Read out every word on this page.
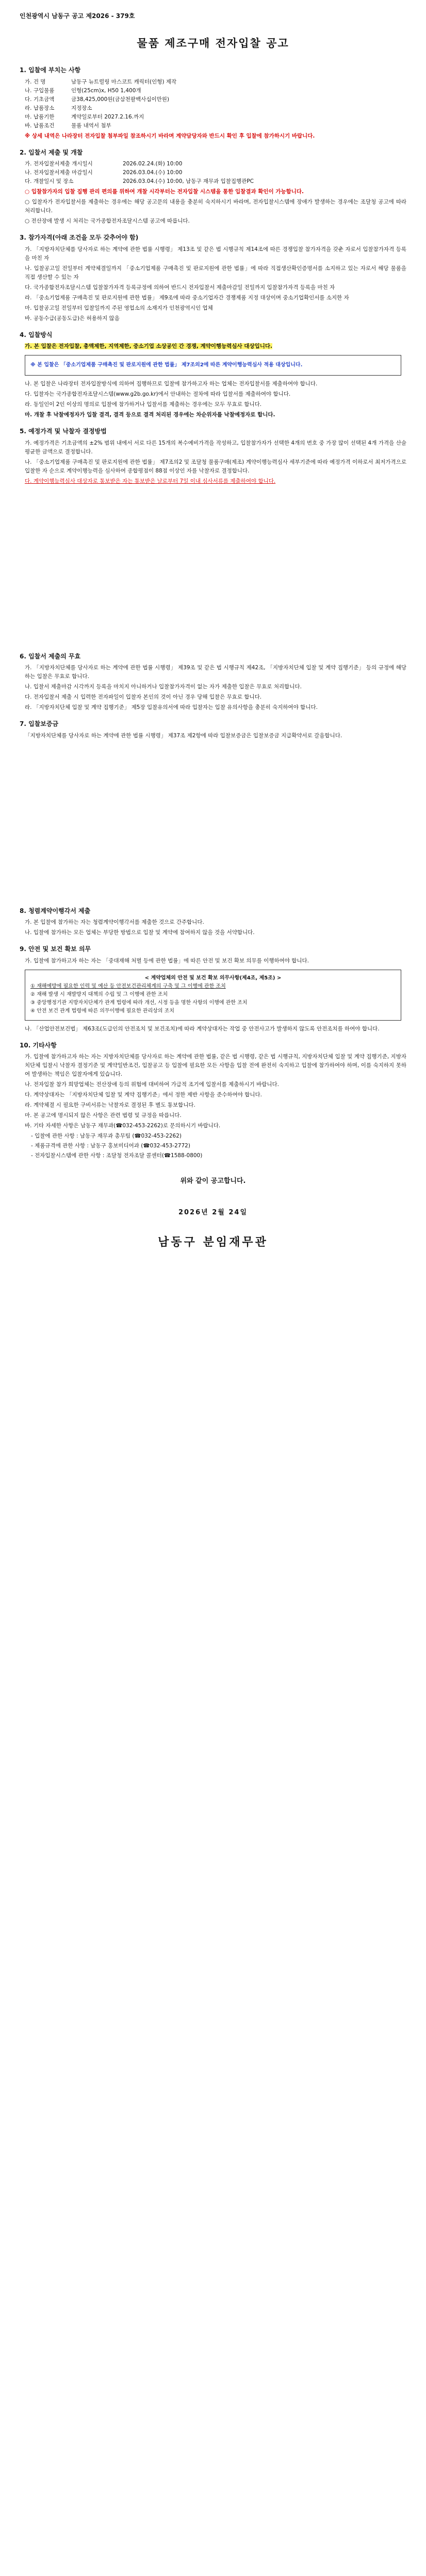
인천광역시 남동구 공고 제2026 - 379호
물품 제조구매 전자입찰 공고
1. 입찰에 부치는 사항
가. 건 명	남동구 뉴트럴링 마스코트 캐릭터(인형) 제작
나. 구입물품	인형(25cm)x, H50 1,400개
다. 기초금액	금38,425,000원(금삼천팔백사십이만원)
라. 납품장소	지정장소
마. 납품기한	계약일로부터 2027.2.16.까지
바. 납품조건	물품 내역서 첨부
※ 상세 내역은 나라장터 전자입찰 첨부파일 참조하시기 바라며 계약담당자와 반드시 확인 후 입찰에 참가하시기 바랍니다.
2. 입찰서 제출 및 개찰
가. 전자입찰서제출 개시일시	2026.02.24.(화) 10:00
나. 전자입찰서제출 마감일시	2026.03.04.(수) 10:00
다. 개찰일시 및 장소	2026.03.04.(수) 10:00, 남동구 재무과 입찰집행관PC
○ 입찰참가자의 입찰 집행 관리 편의를 위하여 개찰 시각부터는 전자입찰 시스템을 통한 입찰결과 확인이 가능합니다.
○ 입찰자가 전자입찰서를 제출하는 경우에는 해당 공고문의 내용을 충분히 숙지하시기 바라며, 전자입찰시스템에 장애가 발생하는 경우에는 조달청 공고에 따라 처리합니다.
○ 전산장애 발생 시 처리는 국가종합전자조달시스템 공고에 따릅니다.
3. 참가자격(아래 조건을 모두 갖추어야 함)
가. 「지방자치단체를 당사자로 하는 계약에 관한 법률 시행령」 제13조 및 같은 법 시행규칙 제14조에 따른 경쟁입찰 참가자격을 갖춘 자로서 입찰참가자격 등록을 마친 자
나. 입찰공고일 전일부터 계약체결일까지 「중소기업제품 구매촉진 및 판로지원에 관한 법률」에 따라 직접생산확인증명서를 소지하고 있는 자로서 해당 물품을 직접 생산할 수 있는 자
다. 국가종합전자조달시스템 입찰참가자격 등록규정에 의하여 반드시 전자입찰서 제출마감일 전일까지 입찰참가자격 등록을 마친 자
라. 「중소기업제품 구매촉진 및 판로지원에 관한 법률」 제9조에 따라 중소기업자간 경쟁제품 지정 대상이며 중소기업확인서를 소지한 자
마. 입찰공고일 전일부터 입찰일까지 주된 영업소의 소재지가 인천광역시인 업체
바. 공동수급(공동도급)은 허용하지 않음
4. 입찰방식
가. 본 입찰은 전자입찰, 총액제한, 지역제한, 중소기업 소상공인 간 경쟁, 계약이행능력심사 대상입니다.
※ 본 입찰은 「중소기업제품 구매촉진 및 판로지원에 관한 법률」 제7조의2에 따른 계약이행능력심사 적용 대상입니다.
나. 본 입찰은 나라장터 전자입찰방식에 의하여 집행하므로 입찰에 참가하고자 하는 업체는 전자입찰서를 제출하여야 합니다.
다. 입찰자는 국가종합전자조달시스템(www.g2b.go.kr)에서 안내하는 절차에 따라 입찰서를 제출하여야 합니다.
라. 동일인이 2인 이상의 명의로 입찰에 참가하거나 입찰서를 제출하는 경우에는 모두 무효로 합니다.
마. 개찰 후 낙찰예정자가 입찰 결격, 결격 등으로 결격 처리된 경우에는 차순위자를 낙찰예정자로 합니다.
5. 예정가격 및 낙찰자 결정방법
가. 예정가격은 기초금액의 ±2% 범위 내에서 서로 다른 15개의 복수예비가격을 작성하고, 입찰참가자가 선택한 4개의 번호 중 가장 많이 선택된 4개 가격을 산술평균한 금액으로 결정합니다.
나. 「중소기업제품 구매촉진 및 판로지원에 관한 법률」 제7조의2 및 조달청 물품구매(제조) 계약이행능력심사 세부기준에 따라 예정가격 이하로서 최저가격으로 입찰한 자 순으로 계약이행능력을 심사하여 종합평점이 88점 이상인 자를 낙찰자로 결정합니다.
다. 계약이행능력심사 대상자로 통보받은 자는 통보받은 날로부터 7일 이내 심사서류를 제출하여야 합니다.
6. 입찰서 제출의 무효
가. 「지방자치단체를 당사자로 하는 계약에 관한 법률 시행령」 제39조 및 같은 법 시행규칙 제42조, 「지방자치단체 입찰 및 계약 집행기준」 등의 규정에 해당하는 입찰은 무효로 합니다.
나. 입찰서 제출마감 시각까지 등록을 마치지 아니하거나 입찰참가자격이 없는 자가 제출한 입찰은 무효로 처리합니다.
다. 전자입찰서 제출 시 입력한 전자파일이 입찰자 본인의 것이 아닌 경우 당해 입찰은 무효로 합니다.
라. 「지방자치단체 입찰 및 계약 집행기준」 제5장 입찰유의서에 따라 입찰자는 입찰 유의사항을 충분히 숙지하여야 합니다.
7. 입찰보증금
「지방자치단체를 당사자로 하는 계약에 관한 법률 시행령」 제37조 제2항에 따라 입찰보증금은 입찰보증금 지급확약서로 갈음합니다.
8. 청렴계약이행각서 제출
가. 본 입찰에 참가하는 자는 청렴계약이행각서를 제출한 것으로 간주합니다.
나. 입찰에 참가하는 모든 업체는 부당한 방법으로 입찰 및 계약에 참여하지 않을 것을 서약합니다.
9. 안전 및 보건 확보 의무
가. 입찰에 참가하고자 하는 자는 「중대재해 처벌 등에 관한 법률」에 따른 안전 및 보건 확보 의무를 이행하여야 합니다.
< 계약업체의 안전 및 보건 확보 의무사항(제4조, 제5조) >
① 재해예방에 필요한 인력 및 예산 등 안전보건관리체계의 구축 및 그 이행에 관한 조치
② 재해 발생 시 재발방지 대책의 수립 및 그 이행에 관한 조치
③ 중앙행정기관 지방자치단체가 관계 법령에 따라 개선, 시정 등을 명한 사항의 이행에 관한 조치
④ 안전 보건 관계 법령에 따른 의무이행에 필요한 관리상의 조치
나. 「산업안전보건법」 제63조(도급인의 안전조치 및 보건조치)에 따라 계약상대자는 작업 중 안전사고가 발생하지 않도록 안전조치를 하여야 합니다.
10. 기타사항
가. 입찰에 참가하고자 하는 자는 지방자치단체를 당사자로 하는 계약에 관한 법률, 같은 법 시행령, 같은 법 시행규칙, 지방자치단체 입찰 및 계약 집행기준, 지방자치단체 입찰시 낙찰자 결정기준 및 계약일반조건, 입찰공고 등 입찰에 필요한 모든 사항을 입찰 전에 완전히 숙지하고 입찰에 참가하여야 하며, 이를 숙지하지 못하여 발생하는 책임은 입찰자에게 있습니다.
나. 전자입찰 참가 희망업체는 전산장애 등의 위험에 대비하여 가급적 조기에 입찰서를 제출하시기 바랍니다.
다. 계약상대자는 「지방자치단체 입찰 및 계약 집행기준」에서 정한 제반 사항을 준수하여야 합니다.
라. 계약체결 시 필요한 구비서류는 낙찰자로 결정된 후 별도 통보합니다.
마. 본 공고에 명시되지 않은 사항은 관련 법령 및 규정을 따릅니다.
바. 기타 자세한 사항은 남동구 재무과(☎032-453-2262)로 문의하시기 바랍니다.
- 입찰에 관한 사항 : 남동구 재무과 총무팀 (☎032-453-2262)
- 제품규격에 관한 사항 : 남동구 홍보미디어과 (☎032-453-2772)
- 전자입찰시스템에 관한 사항 : 조달청 전자조달 콜센터(☎1588-0800)
위와 같이 공고합니다.
2026년 2월 24일
남동구 분임재무관
